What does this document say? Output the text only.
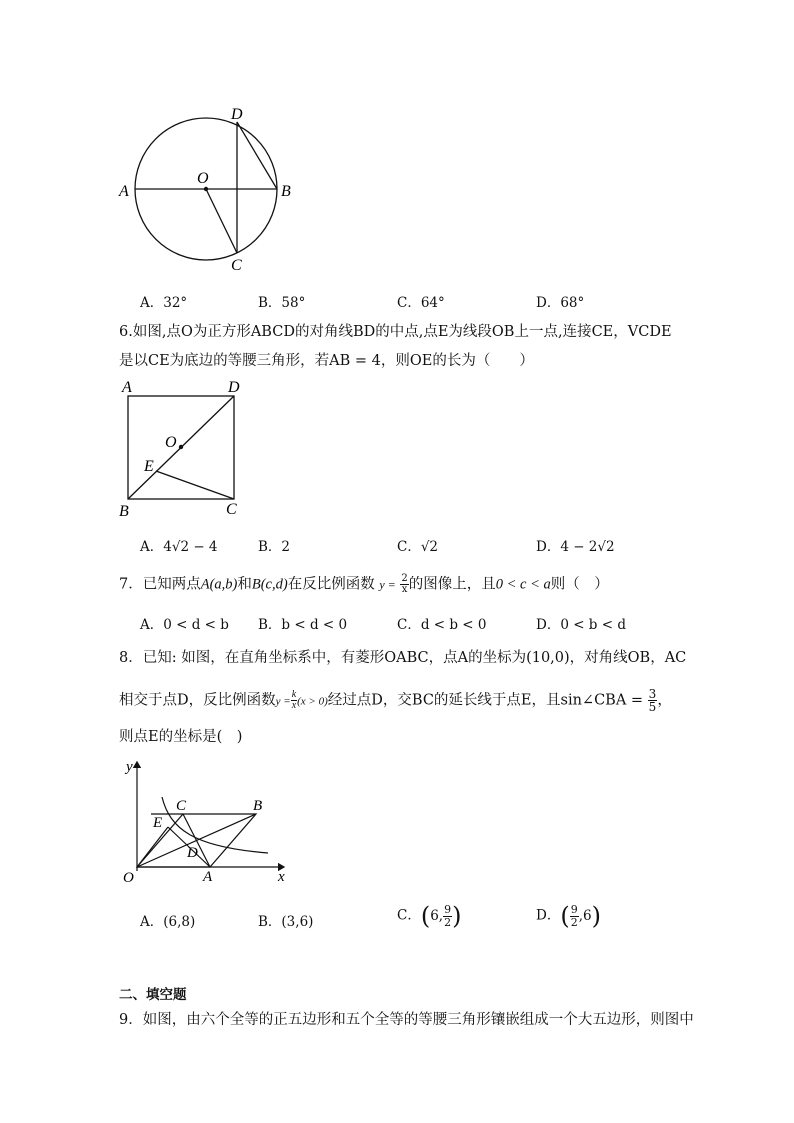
A
O
B
D
C
A．32°	B．58°	C．64°	D．68°
6.如图,点O为正方形ABCD的对角线BD的中点,点E为线段OB上一点,连接CE，VCDE
是以CE为底边的等腰三角形，若AB = 4，则OE的长为（　　）
A	D
O
E
B	C
A．4√2 − 4	B．2	C．√2	D．4 − 2√2
7．已知两点A(a,b)和B(c,d)在反比例函数 $y = \frac{2}{x}$ 的图像上，且0 < c < a则（　）
A．0 < d < b B．b < d < 0	C．d < b < 0	D．0 < b < d
8．已知: 如图，在直角坐标系中，有菱形OABC，点A的坐标为(10,0)，对角线OB，AC
相交于点D，反比例函数$y = \frac{k}{x} (x > 0)$经过点D，交BC的延长线于点E，且sin∠CBA = $\frac{3}{5}$ ，
则点E的坐标是(　)
y
x
O	A
B
C
E
D
A．(6,8)	B．(3,6)	C．(6, $\frac{9}{2}$ )	D．( $\frac{9}{2} ,6$)
二、填空题
9．如图，由六个全等的正五边形和五个全等的等腰三角形镶嵌组成一个大五边形，则图中
